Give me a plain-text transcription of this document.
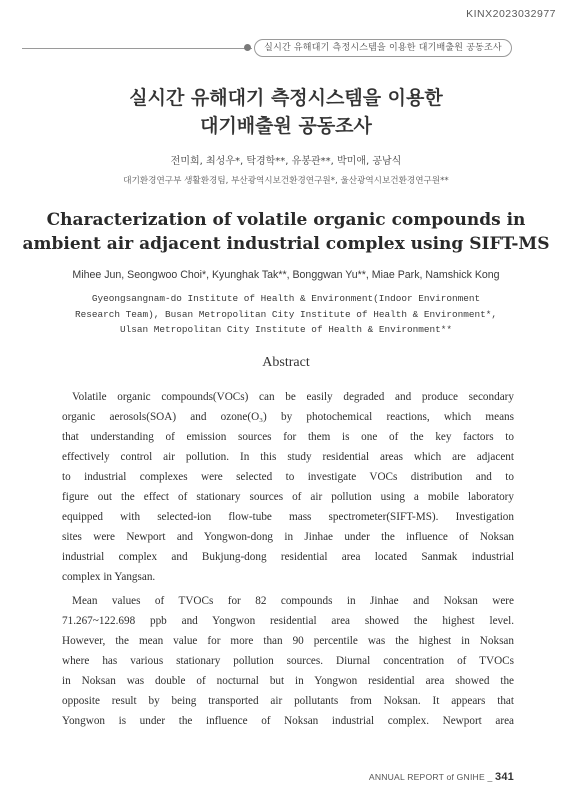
KINX2023032977
실시간 유해대기 측정시스템을 이용한 대기배출원 공동조사
실시간 유해대기 측정시스템을 이용한
대기배출원 공동조사
전미희, 최성우*, 탁경학**, 유봉관**, 박미애, 공남식
대기환경연구부 생활환경팀, 부산광역시보건환경연구원*, 울산광역시보건환경연구원**
Characterization of volatile organic compounds in
ambient air adjacent industrial complex using SIFT-MS
Mihee Jun, Seongwoo Choi*, Kyunghak Tak**, Bonggwan Yu**, Miae Park, Namshick Kong
Gyeongsangnam-do Institute of Health & Environment(Indoor Environment
Research Team), Busan Metropolitan City Institute of Health & Environment*,
Ulsan Metropolitan City Institute of Health & Environment**
Abstract
Volatile organic compounds(VOCs) can be easily degraded and produce secondary
organic aerosols(SOA) and ozone(O₃) by photochemical reactions, which means
that understanding of emission sources for them is one of the key factors to
effectively control air pollution. In this study residential areas which are adjacent
to industrial complexes were selected to investigate VOCs distribution and to
figure out the effect of stationary sources of air pollution using a mobile laboratory
equipped with selected-ion flow-tube mass spectrometer(SIFT-MS). Investigation
sites were Newport and Yongwon-dong in Jinhae under the influence of Noksan
industrial complex and Bukjung-dong residential area located Sanmak industrial
complex in Yangsan.
Mean values of TVOCs for 82 compounds in Jinhae and Noksan were
71.267~122.698 ppb and Yongwon residential area showed the highest level.
However, the mean value for more than 90 percentile was the highest in Noksan
where has various stationary pollution sources. Diurnal concentration of TVOCs
in Noksan was double of nocturnal but in Yongwon residential area showed the
opposite result by being transported air pollutants from Noksan. It appears that
Yongwon is under the influence of Noksan industrial complex. Newport area
ANNUAL REPORT of GNIHE _ 341
